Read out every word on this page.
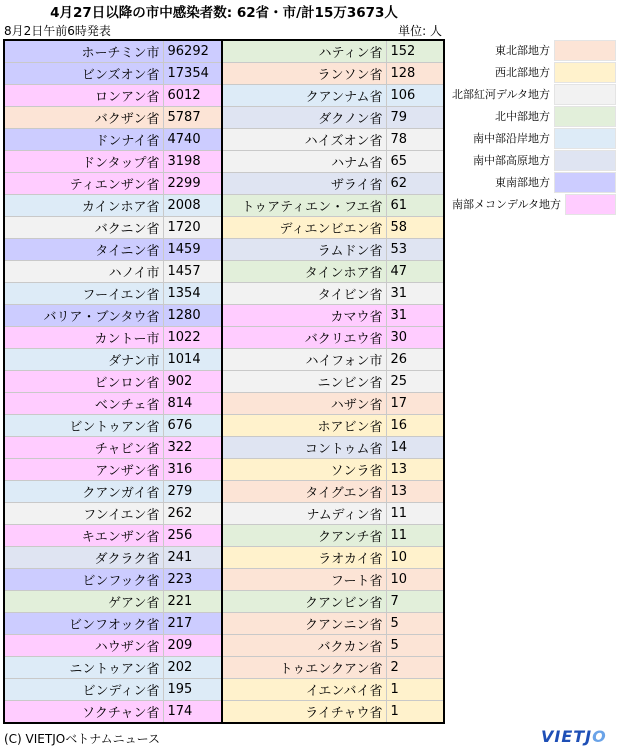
4月27日以降の市中感染者数: 62省・市/計15万3673人
8月2日午前6時発表	単位: 人
ホーチミン市	96292	ハティン省	152
ビンズオン省	17354	ランソン省	128
ロンアン省	6012	クアンナム省	106
バクザン省	5787	ダクノン省	79
ドンナイ省	4740	ハイズオン省	78
ドンタップ省	3198	ハナム省	65
ティエンザン省	2299	ザライ省	62
カインホア省	2008	トゥアティエン・フエ省	61
バクニン省	1720	ディエンビエン省	58
タイニン省	1459	ラムドン省	53
ハノイ市	1457	タインホア省	47
フーイエン省	1354	タイビン省	31
バリア・ブンタウ省	1280	カマウ省	31
カントー市	1022	バクリエウ省	30
ダナン市	1014	ハイフォン市	26
ビンロン省	902	ニンビン省	25
ベンチェ省	814	ハザン省	17
ビントゥアン省	676	ホアビン省	16
チャビン省	322	コントゥム省	14
アンザン省	316	ソンラ省	13
クアンガイ省	279	タイグエン省	13
フンイエン省	262	ナムディン省	11
キエンザン省	256	クアンチ省	11
ダクラク省	241	ラオカイ省	10
ビンフック省	223	フート省	10
ゲアン省	221	クアンビン省	7
ビンフオック省	217	クアンニン省	5
ハウザン省	209	バクカン省	5
ニントゥアン省	202	トゥエンクアン省	2
ビンディン省	195	イエンバイ省	1
ソクチャン省	174	ライチャウ省	1
東北部地方
西北部地方
北部紅河デルタ地方
北中部地方
南中部沿岸地方
南中部高原地方
東南部地方
南部メコンデルタ地方
(C) VIETJOベトナムニュース	VIETJO
